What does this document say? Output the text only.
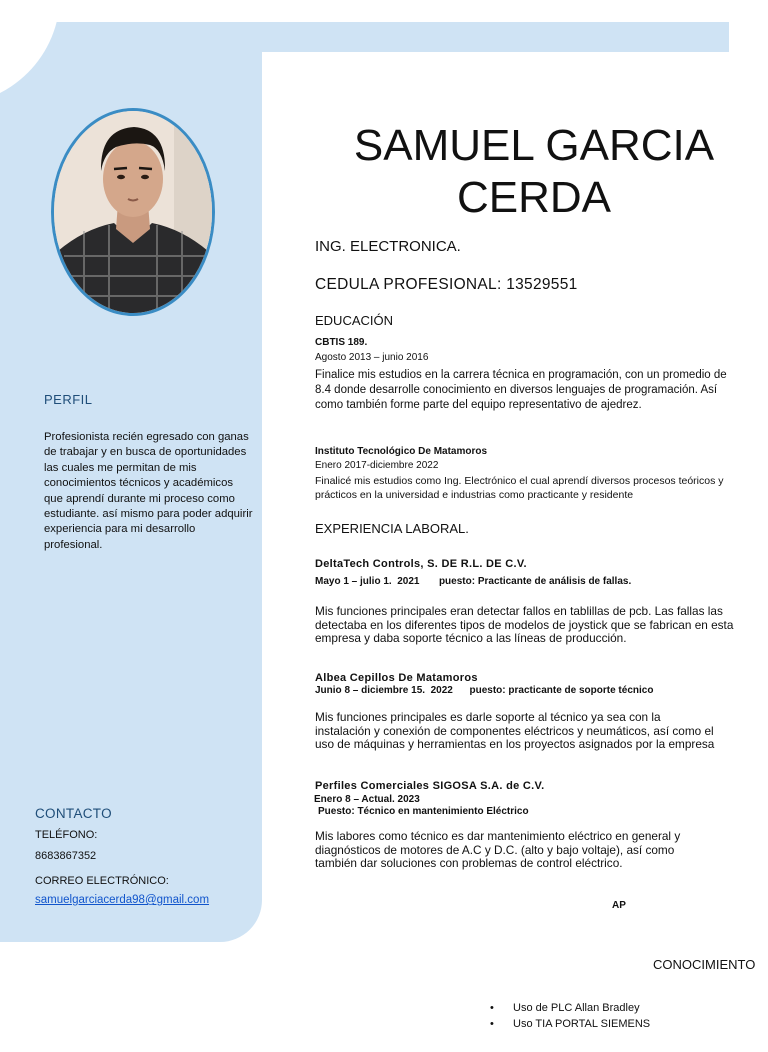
PERFIL
Profesionista recién egresado con ganas de trabajar y en busca de oportunidades las cuales me permitan de mis conocimientos técnicos y académicos que aprendí durante mi proceso como estudiante. así mismo para poder adquirir experiencia para mi desarrollo profesional.
CONTACTO
TELÉFONO:
8683867352
CORREO ELECTRÓNICO:
samuelgarciacerda98@gmail.com
SAMUEL GARCIA CERDA
ING. ELECTRONICA.
CEDULA PROFESIONAL: 13529551
EDUCACIÓN
CBTIS 189.
Agosto 2013 – junio 2016
Finalice mis estudios en la carrera técnica en programación, con un promedio de 8.4 donde desarrolle conocimiento en diversos lenguajes de programación. Así como también forme parte del equipo representativo de ajedrez.
Instituto Tecnológico De Matamoros
Enero 2017-diciembre 2022
Finalicé mis estudios como Ing. Electrónico el cual aprendí diversos procesos teóricos y prácticos en la universidad e industrias como practicante y residente
EXPERIENCIA LABORAL.
DeltaTech Controls, S. DE R.L. DE C.V.
Mayo 1 – julio 1.  2021       puesto: Practicante de análisis de fallas.
Mis funciones principales eran detectar fallos en tablillas de pcb. Las fallas las detectaba en los diferentes tipos de modelos de joystick que se fabrican en esta empresa y daba soporte técnico a las líneas de producción.
Albea Cepillos De Matamoros
Junio 8 – diciembre 15.  2022      puesto: practicante de soporte técnico
Mis funciones principales es darle soporte al técnico ya sea con la instalación y conexión de componentes eléctricos y neumáticos, así como el uso de máquinas y herramientas en los proyectos asignados por la empresa
Perfiles Comerciales SIGOSA S.A. de C.V.
Enero 8 – Actual. 2023
Puesto: Técnico en mantenimiento Eléctrico
Mis labores como técnico es dar mantenimiento eléctrico en general y diagnósticos de motores de A.C y D.C. (alto y bajo voltaje), así como también dar soluciones con problemas de control eléctrico.
AP
CONOCIMIENTO
• Uso de PLC Allan Bradley
• Uso TIA PORTAL SIEMENS
